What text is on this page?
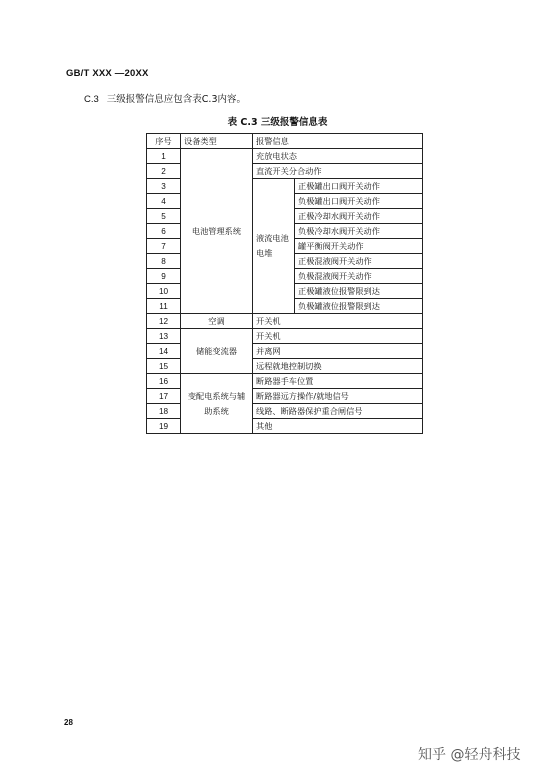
GB/T XXX —20XX
C.3 三级报警信息应包含表C.3内容。
表 C.3 三级报警信息表
序号	设备类型	报警信息	
1	电池管理系统	充放电状态	
2		直流开关分合动作	
3		液流电池电堆	正极罐出口阀开关动作
4			负极罐出口阀开关动作
5			正极冷却水阀开关动作
6			负极冷却水阀开关动作
7			罐平衡阀开关动作
8			正极混液阀开关动作
9			负极混液阀开关动作
10			正极罐液位报警限到达
11			负极罐液位报警限到达
12	空调	开关机	
13	储能变流器	开关机	
14		并离网	
15		远程就地控制切换	
16	变配电系统与辅助系统	断路器手车位置	
17		断路器远方操作/就地信号	
18		线路、断路器保护重合闸信号	
19		其他	
28
知乎 @轻舟科技
